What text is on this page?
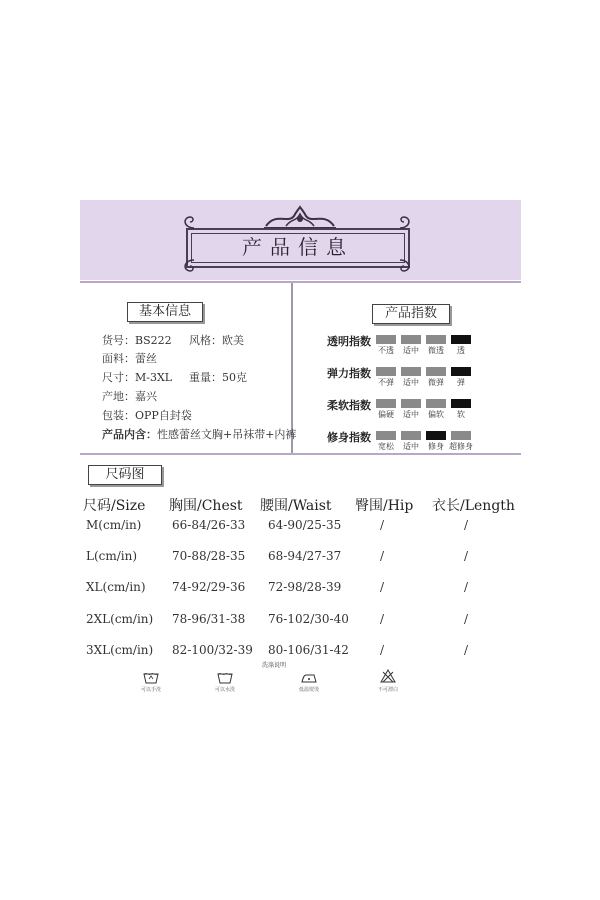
产品信息
基本信息
货号：BS222 风格：欧美
面料：蕾丝
尺寸：M-3XL 重量：50克
产地：嘉兴
包装：OPP自封袋
产品内含：性感蕾丝文胸+吊袜带+内裤
产品指数
透明指数
不透	适中	微透	透
弹力指数
不弹	适中	微弹	弹
柔软指数
偏硬	适中	偏软	软
修身指数
宽松	适中	修身 超修身
尺码图
尺码/Size 胸围/Chest 腰围/Waist 臀围/Hip 衣长/Length
M(cm/in)	66-84/26-33 64-90/25-35	/	/
L(cm/in)	70-88/28-35 68-94/27-37	/	/
XL(cm/in) 74-92/29-36 72-98/28-39	/	/
2XL(cm/in) 78-96/31-38 76-102/30-40	/	/
3XL(cm/in) 82-100/32-39 80-106/31-42	/	/
洗涤说明
可以手洗	可以水洗	低温熨烫	不可漂白
